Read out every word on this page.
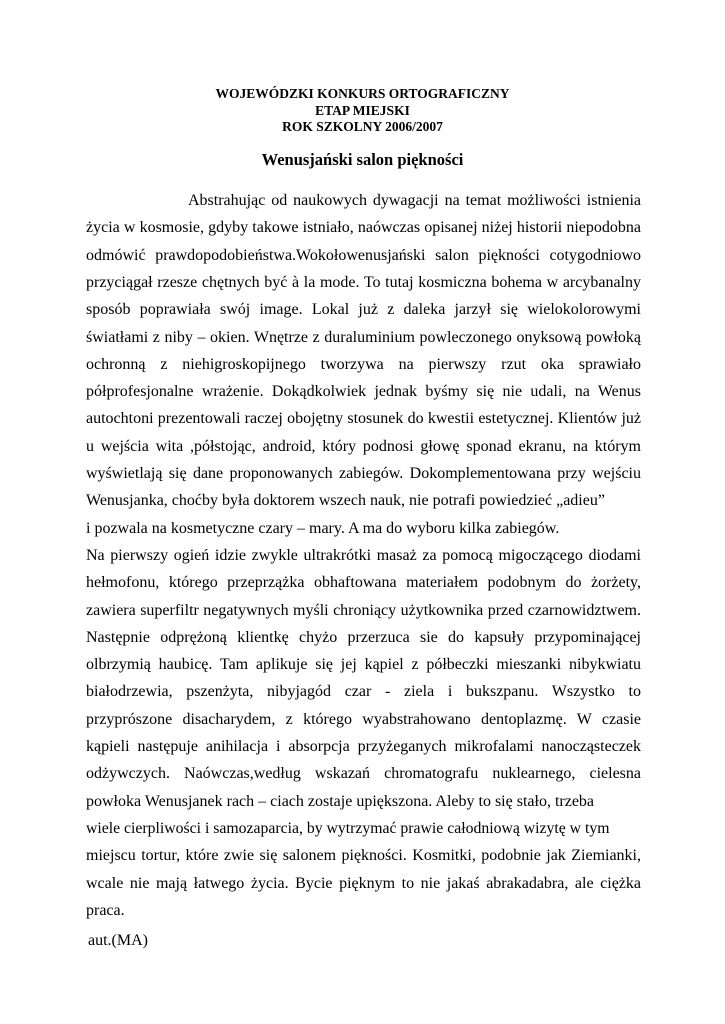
WOJEWÓDZKI KONKURS ORTOGRAFICZNY
ETAP MIEJSKI
ROK SZKOLNY 2006/2007
Wenusjański salon piękności
Abstrahując od naukowych dywagacji na temat możliwości istnienia
życia w kosmosie, gdyby takowe istniało, naówczas opisanej niżej historii niepodobna
odmówić prawdopodobieństwa.Wokołowenusjański salon piękności cotygodniowo
przyciągał rzesze chętnych być à la mode. To tutaj kosmiczna bohema w arcybanalny
sposób poprawiała swój image. Lokal już z daleka jarzył się wielokolorowymi
światłami z niby – okien. Wnętrze z duraluminium powleczonego onyksową powłoką
ochronną z niehigroskopijnego tworzywa na pierwszy rzut oka sprawiało
półprofesjonalne wrażenie. Dokądkolwiek jednak byśmy się nie udali, na Wenus
autochtoni prezentowali raczej obojętny stosunek do kwestii estetycznej. Klientów już
u wejścia wita ,półstojąc, android, który podnosi głowę sponad ekranu, na którym
wyświetlają się dane proponowanych zabiegów. Dokomplementowana przy wejściu
Wenusjanka, choćby była doktorem wszech nauk, nie potrafi powiedzieć „adieu”
i pozwala na kosmetyczne czary – mary. A ma do wyboru kilka zabiegów.
Na pierwszy ogień idzie zwykle ultrakrótki masaż za pomocą migoczącego diodami
hełmofonu, którego przeprzążka obhaftowana materiałem podobnym do żorżety,
zawiera superfiltr negatywnych myśli chroniący użytkownika przed czarnowidztwem.
Następnie odprężoną klientkę chyżo przerzuca sie do kapsuły przypominającej
olbrzymią haubicę. Tam aplikuje się jej kąpiel z półbeczki mieszanki nibykwiatu
białodrzewia, pszenżyta, nibyjagód czar - ziela i bukszpanu. Wszystko to
przyprószone disacharydem, z którego wyabstrahowano dentoplazmę. W czasie
kąpieli następuje anihilacja i absorpcja przyżeganych mikrofalami nanocząsteczek
odżywczych. Naówczas,według wskazań chromatografu nuklearnego, cielesna
powłoka Wenusjanek rach – ciach zostaje upiększona. Aleby to się stało, trzeba
wiele cierpliwości i samozaparcia, by wytrzymać prawie całodniową wizytę w tym
miejscu tortur, które zwie się salonem piękności. Kosmitki, podobnie jak Ziemianki,
wcale nie mają łatwego życia. Bycie pięknym to nie jakaś abrakadabra, ale ciężka
praca.
aut.(MA)
